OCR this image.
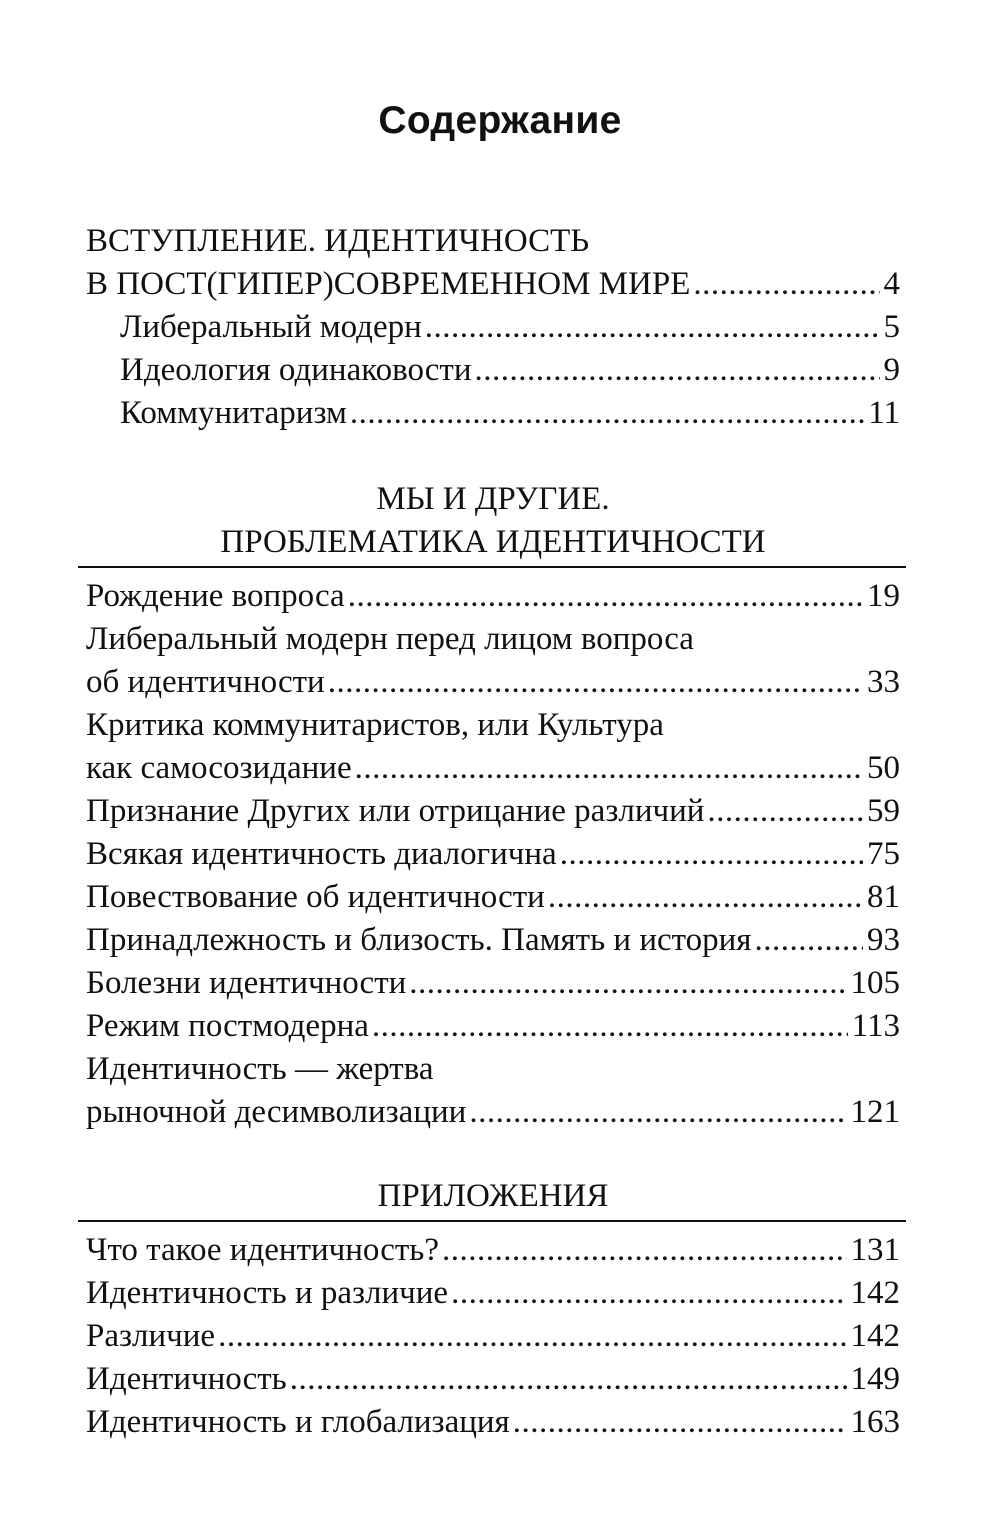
Содержание
ВСТУПЛЕНИЕ. ИДЕНТИЧНОСТЬ
В ПОСТ(ГИПЕР)СОВРЕМЕННОМ МИРЕ .....	4
Либеральный модерн .....	5
Идеология одинаковости .....	9
Коммунитаризм .....	11
МЫ И ДРУГИЕ.
ПРОБЛЕМАТИКА ИДЕНТИЧНОСТИ
Рождение вопроса .....	19
Либеральный модерн перед лицом вопроса
об идентичности .....	33
Критика коммунитаристов, или Культура
как самосозидание .....	50
Признание Других или отрицание различий .....	59
Всякая идентичность диалогична .....	75
Повествование об идентичности .....	81
Принадлежность и близость. Память и история .....	93
Болезни идентичности .....	105
Режим постмодерна .....	113
Идентичность — жертва
рыночной десимволизации .....	121
ПРИЛОЖЕНИЯ
Что такое идентичность? .....	131
Идентичность и различие .....	142
Различие .....	142
Идентичность .....	149
Идентичность и глобализация .....	163
